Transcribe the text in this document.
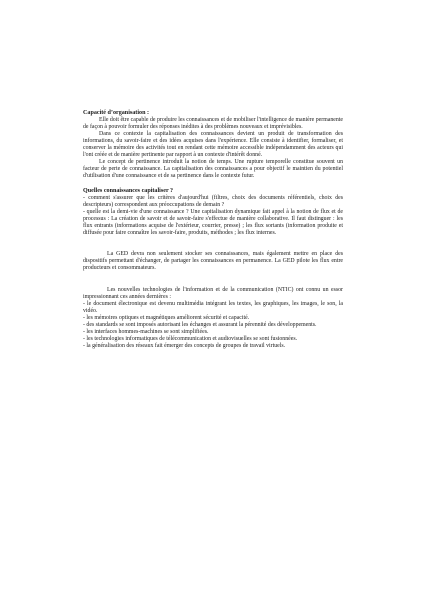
Capacité d’organisation :

Elle doit être capable de produire les connaissances et de mobiliser l'intelligence de manière permanente de façon à pouvoir formuler des réponses inédites à des problèmes nouveaux et imprévisibles.

Dans ce contexte la capitalisation des connaissances devient un produit de transformation des informations, du savoir-faire et des idées acquises dans l'expérience. Elle consiste à identifier, formaliser, et conserver la mémoire des activités tout en rendant cette mémoire accessible indépendamment des acteurs qui l'ont créée et de manière pertinente par rapport à un contexte d'intérêt donné.

Le concept de pertinence introduit la notion de temps. Une rupture temporelle constitue souvent un facteur de perte de connaissance. La capitalisation des connaissances a pour objectif le maintien du potentiel d'utilisation d'une connaissance et de sa pertinence dans le contexte futur.

Quelles connaissances capitaliser ?

- comment s'assurer que les critères d'aujourd'hui (filtres, choix des documents référentiels, choix des descripteurs) correspondent aux préoccupations de demain ?

- quelle est la demi-vie d'une connaissance ? Une capitalisation dynamique fait appel à la notion de flux et de processus : La création de savoir et de savoir-faire s'effectue de manière collaborative. Il faut distinguer : les flux entrants (informations acquise de l'extérieur, courrier, presse) ; les flux sortants (information produite et diffusée pour faire connaître les savoir-faire, produits, méthodes ; les flux internes.

La GED devra non seulement stocker ses connaissances, mais également mettre en place des dispositifs permettant d'échanger, de partager les connaissances en permanence. La GED pilote les flux entre producteurs et consommateurs.

Les nouvelles technologies de l'information et de la communication (NTIC) ont connu un essor impressionnant ces années dernières :

- le document électronique est devenu multimédia intégrant les textes, les graphiques, les images, le son, la vidéo.

- les mémoires optiques et magnétiques améliorent sécurité et capacité.

- des standards se sont imposés autorisant les échanges et assurant la pérennité des développements.

- les interfaces hommes-machines se sont simplifiées.

- les technologies informatiques de télécommunication et audiovisuelles se sont fusionnées.

- la généralisation des réseaux fait émerger des concepts de groupes de travail virtuels.
